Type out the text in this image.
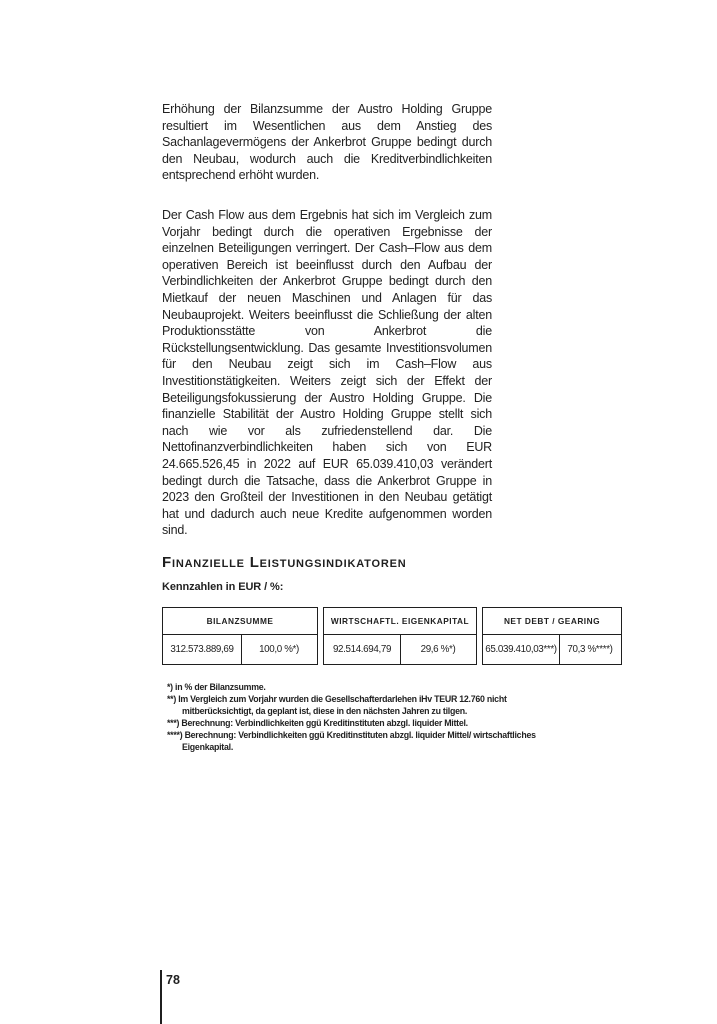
Erhöhung der Bilanzsumme der Austro Holding Gruppe resultiert im Wesentlichen aus dem Anstieg des Sachanlagevermögens der Ankerbrot Gruppe bedingt durch den Neubau, wodurch auch die Kreditverbindlichkeiten entsprechend erhöht wurden.
Der Cash Flow aus dem Ergebnis hat sich im Vergleich zum Vorjahr bedingt durch die operativen Ergebnisse der einzelnen Beteiligungen verringert. Der Cash–Flow aus dem operativen Bereich ist beeinflusst durch den Aufbau der Verbindlichkeiten der Ankerbrot Gruppe bedingt durch den Mietkauf der neuen Maschinen und Anlagen für das Neubauprojekt. Weiters beeinflusst die Schließung der alten Produktionsstätte von Ankerbrot die Rückstellungsentwicklung. Das gesamte Investitionsvolumen für den Neubau zeigt sich im Cash–Flow aus Investitionstätigkeiten. Weiters zeigt sich der Effekt der Beteiligungsfokussierung der Austro Holding Gruppe. Die finanzielle Stabilität der Austro Holding Gruppe stellt sich nach wie vor als zufriedenstellend dar. Die Nettofinanzverbindlichkeiten haben sich von EUR 24.665.526,45 in 2022 auf EUR 65.039.410,03 verändert bedingt durch die Tatsache, dass die Ankerbrot Gruppe in 2023 den Großteil der Investitionen in den Neubau getätigt hat und dadurch auch neue Kredite aufgenommen worden sind.
Finanzielle Leistungsindikatoren
Kennzahlen in EUR / %:
BILANZSUMME
312.573.889,69	100,0 %*)
WIRTSCHAFTL. EIGENKAPITAL
92.514.694,79	29,6 %*)
NET DEBT / GEARING
65.039.410,03***)	70,3 %****)
*) in % der Bilanzsumme.
**) Im Vergleich zum Vorjahr wurden die Gesellschafterdarlehen iHv TEUR 12.760 nicht mitberücksichtigt, da geplant ist, diese in den nächsten Jahren zu tilgen.
***) Berechnung: Verbindlichkeiten ggü Kreditinstituten abzgl. liquider Mittel.
****) Berechnung: Verbindlichkeiten ggü Kreditinstituten abzgl. liquider Mittel/ wirtschaftliches Eigenkapital.
78
